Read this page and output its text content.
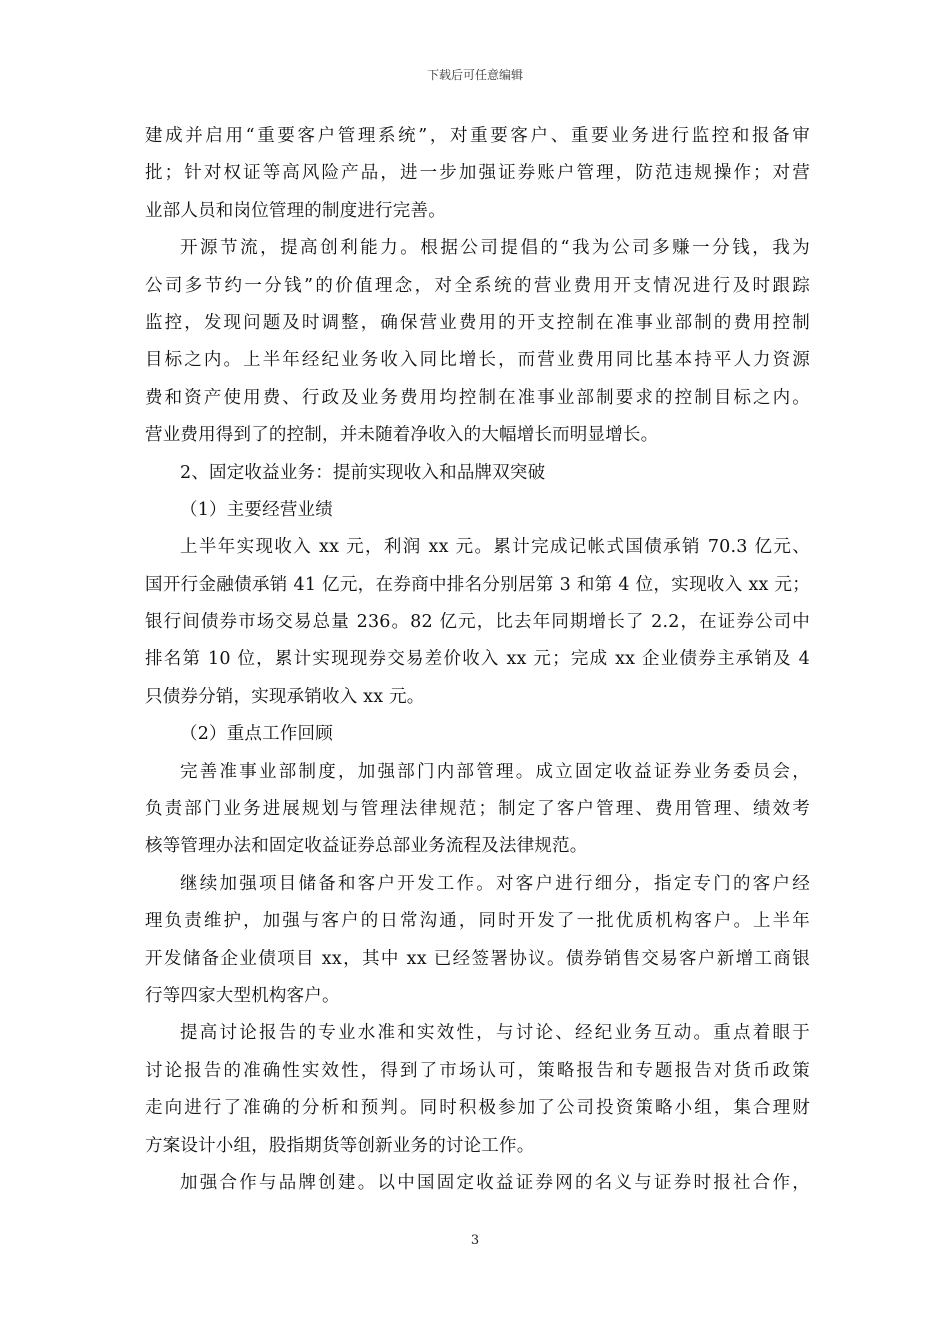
下载后可任意编辑
建成并启用“重要客户管理系统”，对重要客户、重要业务进行监控和报备审
批；针对权证等高风险产品，进一步加强证券账户管理，防范违规操作；对营
业部人员和岗位管理的制度进行完善。
开源节流，提高创利能力。根据公司提倡的“我为公司多赚一分钱，我为
公司多节约一分钱”的价值理念，对全系统的营业费用开支情况进行及时跟踪
监控，发现问题及时调整，确保营业费用的开支控制在准事业部制的费用控制
目标之内。上半年经纪业务收入同比增长，而营业费用同比基本持平人力资源
费和资产使用费、行政及业务费用均控制在准事业部制要求的控制目标之内。
营业费用得到了的控制，并未随着净收入的大幅增长而明显增长。
2、固定收益业务：提前实现收入和品牌双突破
（1）主要经营业绩
上半年实现收入 xx 元，利润 xx 元。累计完成记帐式国债承销 70.3 亿元、
国开行金融债承销 41 亿元，在券商中排名分别居第 3 和第 4 位，实现收入 xx 元；
银行间债券市场交易总量 236。82 亿元，比去年同期增长了 2.2，在证券公司中
排名第 10 位，累计实现现券交易差价收入 xx 元；完成 xx 企业债券主承销及 4
只债券分销，实现承销收入 xx 元。
（2）重点工作回顾
完善准事业部制度，加强部门内部管理。成立固定收益证券业务委员会，
负责部门业务进展规划与管理法律规范；制定了客户管理、费用管理、绩效考
核等管理办法和固定收益证券总部业务流程及法律规范。
继续加强项目储备和客户开发工作。对客户进行细分，指定专门的客户经
理负责维护，加强与客户的日常沟通，同时开发了一批优质机构客户。上半年
开发储备企业债项目 xx，其中 xx 已经签署协议。债券销售交易客户新增工商银
行等四家大型机构客户。
提高讨论报告的专业水准和实效性，与讨论、经纪业务互动。重点着眼于
讨论报告的准确性实效性，得到了市场认可，策略报告和专题报告对货币政策
走向进行了准确的分析和预判。同时积极参加了公司投资策略小组，集合理财
方案设计小组，股指期货等创新业务的讨论工作。
加强合作与品牌创建。以中国固定收益证券网的名义与证券时报社合作，
3
